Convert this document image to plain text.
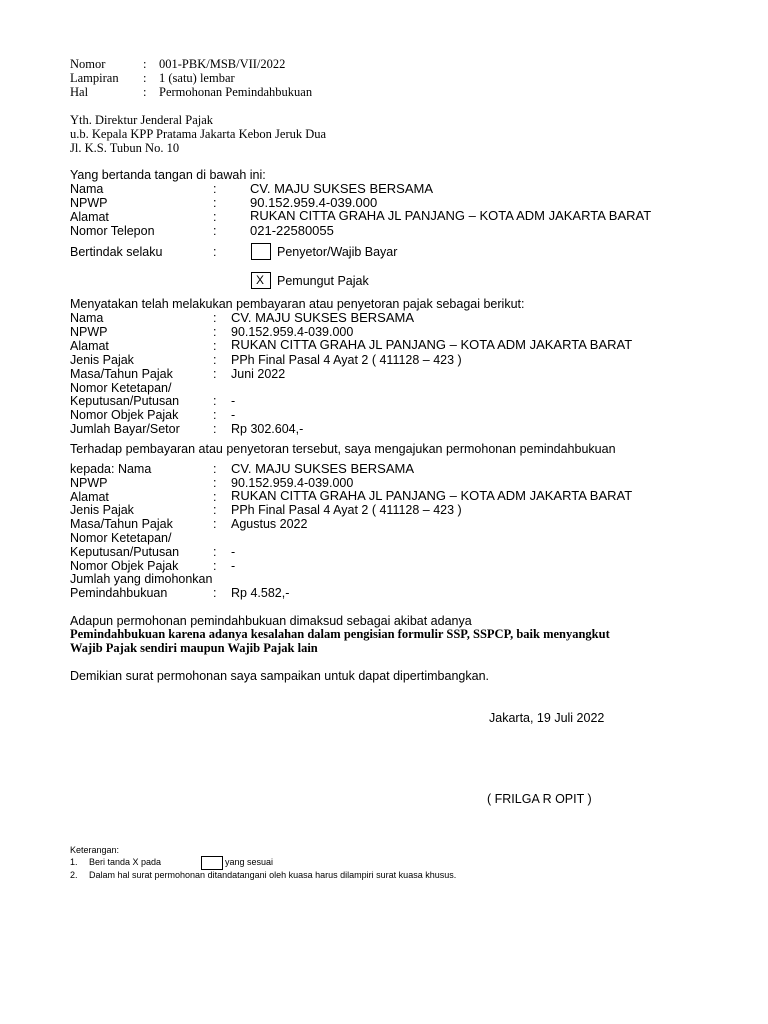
Nomor	: 001-PBK/MSB/VII/2022
Lampiran : 1 (satu) lembar
Hal	: Permohonan Pemindahbukuan
Yth. Direktur Jenderal Pajak
u.b. Kepala KPP Pratama Jakarta Kebon Jeruk Dua
Jl. K.S. Tubun No. 10
Yang bertanda tangan di bawah ini:
Nama	:	CV. MAJU SUKSES BERSAMA
NPWP	:	90.152.959.4-039.000
Alamat	:	RUKAN CITTA GRAHA JL PANJANG – KOTA ADM JAKARTA BARAT
Nomor Telepon	:	021-22580055
Bertindak selaku	:	Penyetor/Wajib Bayar
X Pemungut Pajak
Menyatakan telah melakukan pembayaran atau penyetoran pajak sebagai berikut:
Nama	: CV. MAJU SUKSES BERSAMA
NPWP	: 90.152.959.4-039.000
Alamat	: RUKAN CITTA GRAHA JL PANJANG – KOTA ADM JAKARTA BARAT
Jenis Pajak	: PPh Final Pasal 4 Ayat 2 ( 411128 – 423 )
Masa/Tahun Pajak	: Juni 2022
Nomor Ketetapan/
Keputusan/Putusan	: -
Nomor Objek Pajak	: -
Jumlah Bayar/Setor	: Rp 302.604,-
Terhadap pembayaran atau penyetoran tersebut, saya mengajukan permohonan pemindahbukuan
kepada: Nama	: CV. MAJU SUKSES BERSAMA
NPWP	: 90.152.959.4-039.000
Alamat	: RUKAN CITTA GRAHA JL PANJANG – KOTA ADM JAKARTA BARAT
Jenis Pajak	: PPh Final Pasal 4 Ayat 2 ( 411128 – 423 )
Masa/Tahun Pajak	: Agustus 2022
Nomor Ketetapan/
Keputusan/Putusan	: -
Nomor Objek Pajak	: -
Jumlah yang dimohonkan
Pemindahbukuan	: Rp 4.582,-
Adapun permohonan pemindahbukuan dimaksud sebagai akibat adanya
Pemindahbukuan karena adanya kesalahan dalam pengisian formulir SSP, SSPCP, baik menyangkut
Wajib Pajak sendiri maupun Wajib Pajak lain
Demikian surat permohonan saya sampaikan untuk dapat dipertimbangkan.
Jakarta, 19 Juli 2022
( FRILGA R OPIT )
Keterangan:
1. Beri tanda X pada	yang sesuai
2. Dalam hal surat permohonan ditandatangani oleh kuasa harus dilampiri surat kuasa khusus.
